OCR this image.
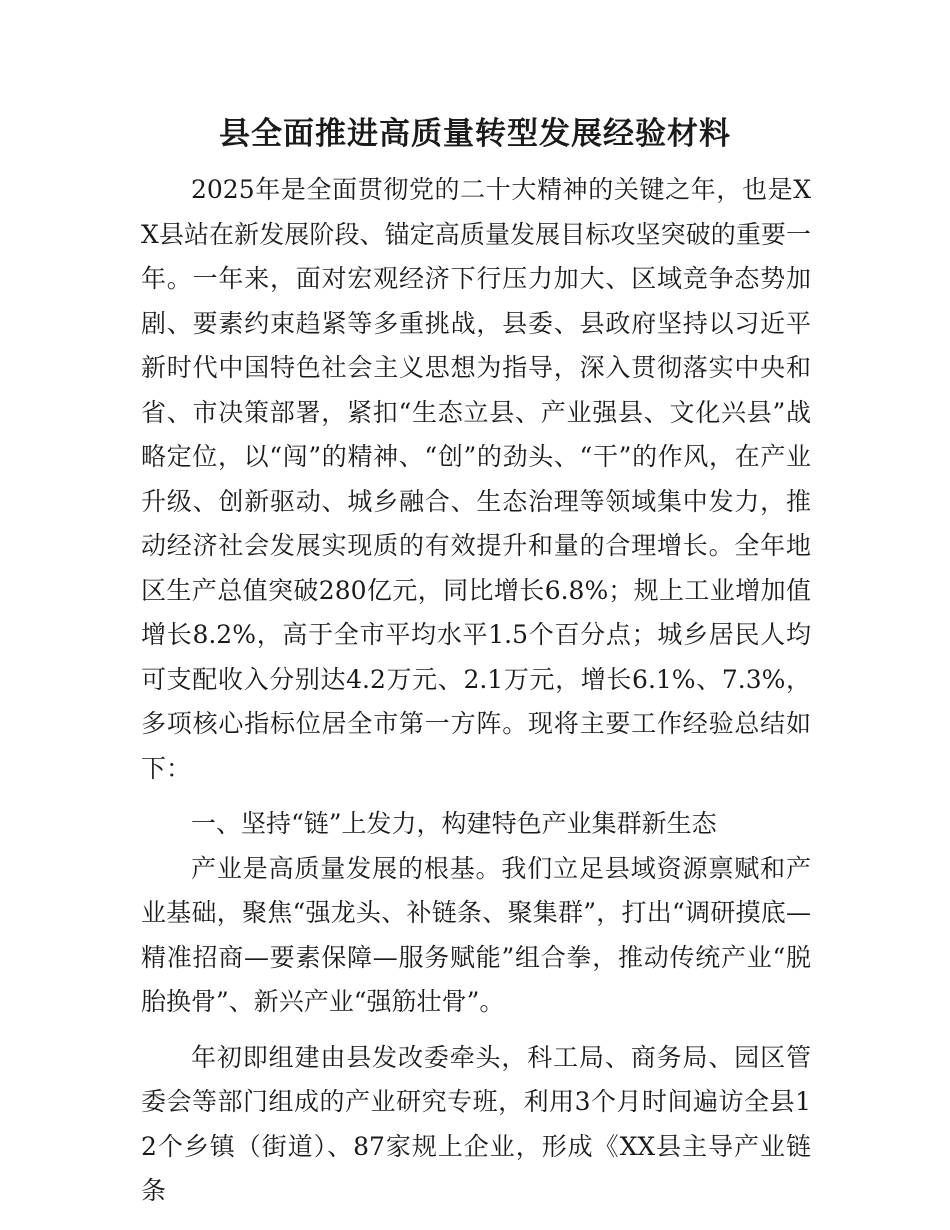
县全面推进高质量转型发展经验材料

2025年是全面贯彻党的二十大精神的关键之年，也是XX县站在新发展阶段、锚定高质量发展目标攻坚突破的重要一年。一年来，面对宏观经济下行压力加大、区域竞争态势加剧、要素约束趋紧等多重挑战，县委、县政府坚持以习近平新时代中国特色社会主义思想为指导，深入贯彻落实中央和省、市决策部署，紧扣“生态立县、产业强县、文化兴县”战略定位，以“闯”的精神、“创”的劲头、“干”的作风，在产业升级、创新驱动、城乡融合、生态治理等领域集中发力，推动经济社会发展实现质的有效提升和量的合理增长。全年地区生产总值突破280亿元，同比增长6.8%；规上工业增加值增长8.2%，高于全市平均水平1.5个百分点；城乡居民人均可支配收入分别达4.2万元、2.1万元，增长6.1%、7.3%，多项核心指标位居全市第一方阵。现将主要工作经验总结如下：

一、坚持“链”上发力，构建特色产业集群新生态

产业是高质量发展的根基。我们立足县域资源禀赋和产业基础，聚焦“强龙头、补链条、聚集群”，打出“调研摸底—精准招商—要素保障—服务赋能”组合拳，推动传统产业“脱胎换骨”、新兴产业“强筋壮骨”。

年初即组建由县发改委牵头，科工局、商务局、园区管委会等部门组成的产业研究专班，利用3个月时间遍访全县12个乡镇（街道）、87家规上企业，形成《XX县主导产业链条
